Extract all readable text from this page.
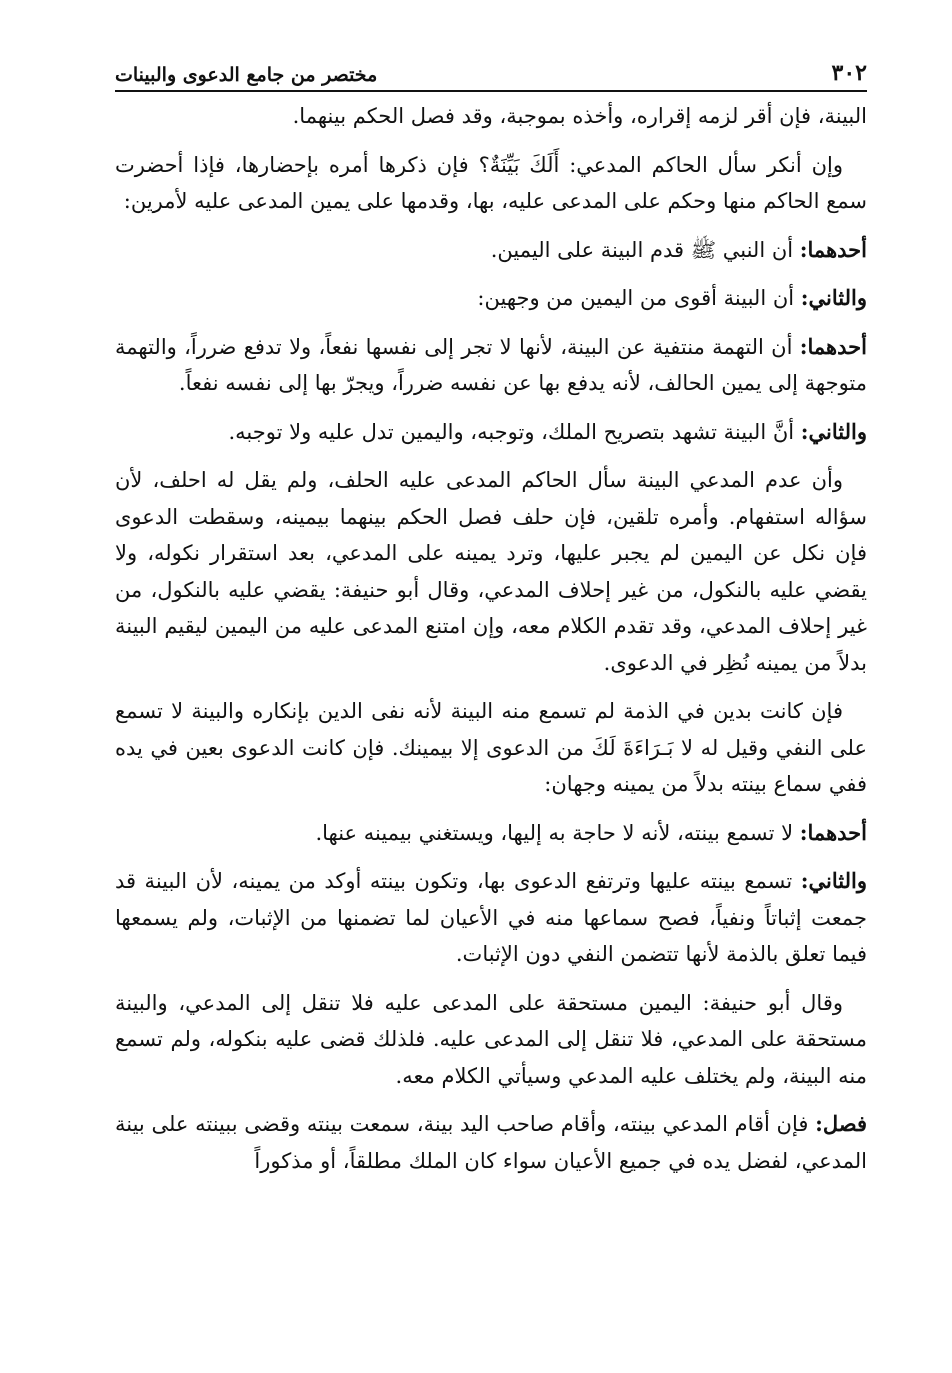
٣٠٢
مختصر من جامع الدعوى والبينات

البينة، فإن أقر لزمه إقراره، وأخذه بموجبة، وقد فصل الحكم بينهما.

وإن أنكر سأل الحاكم المدعي: أَلَكَ بَيِّنَةٌ؟ فإن ذكرها أمره بإحضارها، فإذا أحضرت سمع الحاكم منها وحكم على المدعى عليه، بها، وقدمها على يمين المدعى عليه لأمرين:

أحدهما: أن النبي ﷺ قدم البينة على اليمين.

والثاني: أن البينة أقوى من اليمين من وجهين:

أحدهما: أن التهمة منتفية عن البينة، لأنها لا تجر إلى نفسها نفعاً، ولا تدفع ضرراً، والتهمة متوجهة إلى يمين الحالف، لأنه يدفع بها عن نفسه ضرراً، ويجرّ بها إلى نفسه نفعاً.

والثاني: أنَّ البينة تشهد بتصريح الملك، وتوجبه، واليمين تدل عليه ولا توجبه.

وأن عدم المدعي البينة سأل الحاكم المدعى عليه الحلف، ولم يقل له احلف، لأن سؤاله استفهام. وأمره تلقين، فإن حلف فصل الحكم بينهما بيمينه، وسقطت الدعوى فإن نكل عن اليمين لم يجبر عليها، وترد يمينه على المدعي، بعد استقرار نكوله، ولا يقضي عليه بالنكول، من غير إحلاف المدعي، وقال أبو حنيفة: يقضي عليه بالنكول، من غير إحلاف المدعي، وقد تقدم الكلام معه، وإن امتنع المدعى عليه من اليمين ليقيم البينة بدلاً من يمينه نُظِر في الدعوى.

فإن كانت بدين في الذمة لم تسمع منه البينة لأنه نفى الدين بإنكاره والبينة لا تسمع على النفي وقيل له لا بَـرَاءَةَ لَكَ من الدعوى إلا بيمينك. فإن كانت الدعوى بعين في يده ففي سماع بينته بدلاً من يمينه وجهان:

أحدهما: لا تسمع بينته، لأنه لا حاجة به إليها، ويستغني بيمينه عنها.

والثاني: تسمع بينته عليها وترتفع الدعوى بها، وتكون بينته أوكد من يمينه، لأن البينة قد جمعت إثباتاً ونفياً، فصح سماعها منه في الأعيان لما تضمنها من الإثبات، ولم يسمعها فيما تعلق بالذمة لأنها تتضمن النفي دون الإثبات.

وقال أبو حنيفة: اليمين مستحقة على المدعى عليه فلا تنقل إلى المدعي، والبينة مستحقة على المدعي، فلا تنقل إلى المدعى عليه. فلذلك قضى عليه بنكوله، ولم تسمع منه البينة، ولم يختلف عليه المدعي وسيأتي الكلام معه.

فصل: فإن أقام المدعي بينته، وأقام صاحب اليد بينة، سمعت بينته وقضى ببينته على بينة المدعي، لفضل يده في جميع الأعيان سواء كان الملك مطلقاً، أو مذكوراً
